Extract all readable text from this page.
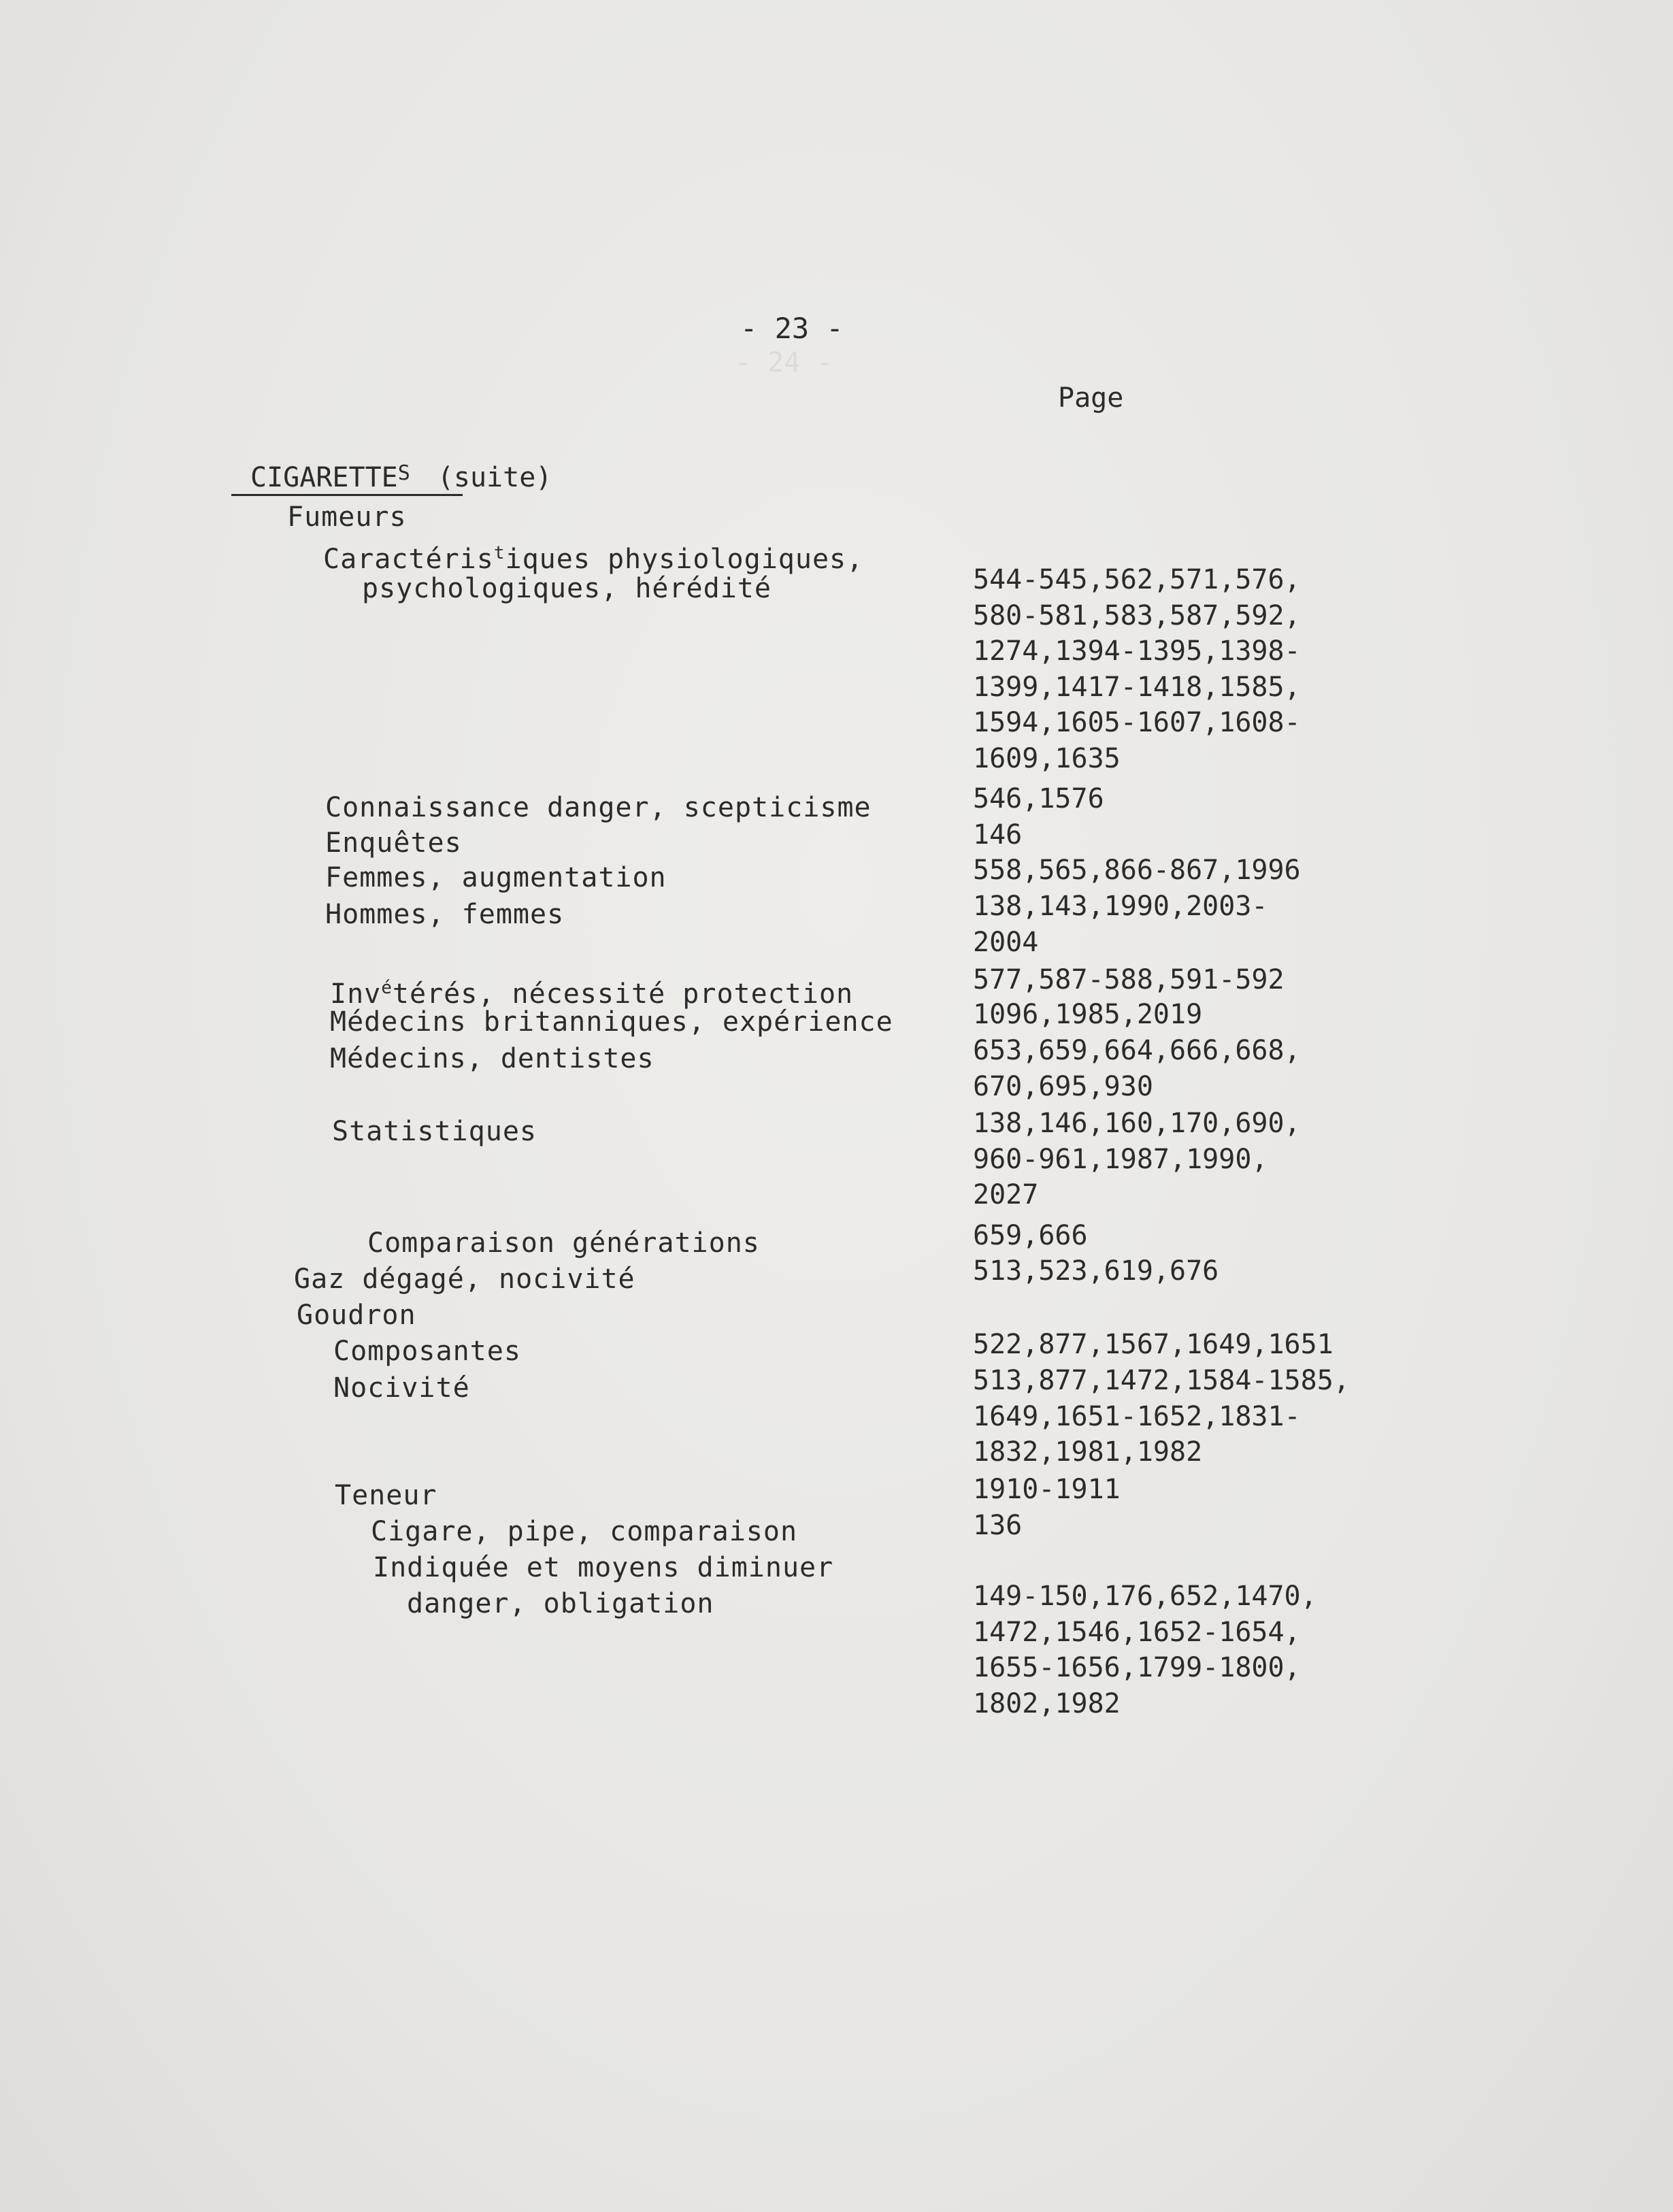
- 24 -
- 23 -
Page
$CIGARETTE^S$ (suite)
Fumeurs
Caractéris$^t$iques physiologiques,
psychologiques, hérédité
Connaissance danger, scepticisme
Enquêtes
Femmes, augmentation
Hommes, femmes
Inv$^é$térés, nécessité protection
Médecins britanniques, expérience
Médecins, dentistes
Statistiques
Comparaison générations
Gaz dégagé, nocivité
Goudron
Composantes
Nocivité
Teneur
Cigare, pipe, comparaison
Indiquée et moyens diminuer
danger, obligation
544-545,562,571,576,
580-581,583,587,592,
1274,1394-1395,1398-
1399,1417-1418,1585,
1594,1605-1607,1608-
1609,1635
546,1576
146
558,565,866-867,1996
138,143,1990,2003-
2004
577,587-588,591-592
1096,1985,2019
653,659,664,666,668,
670,695,930
138,146,160,170,690,
960-961,1987,1990,
2027
659,666
513,523,619,676
522,877,1567,1649,1651
513,877,1472,1584-1585,
1649,1651-1652,1831-
1832,1981,1982
1910-1911
136
149-150,176,652,1470,
1472,1546,1652-1654,
1655-1656,1799-1800,
1802,1982
